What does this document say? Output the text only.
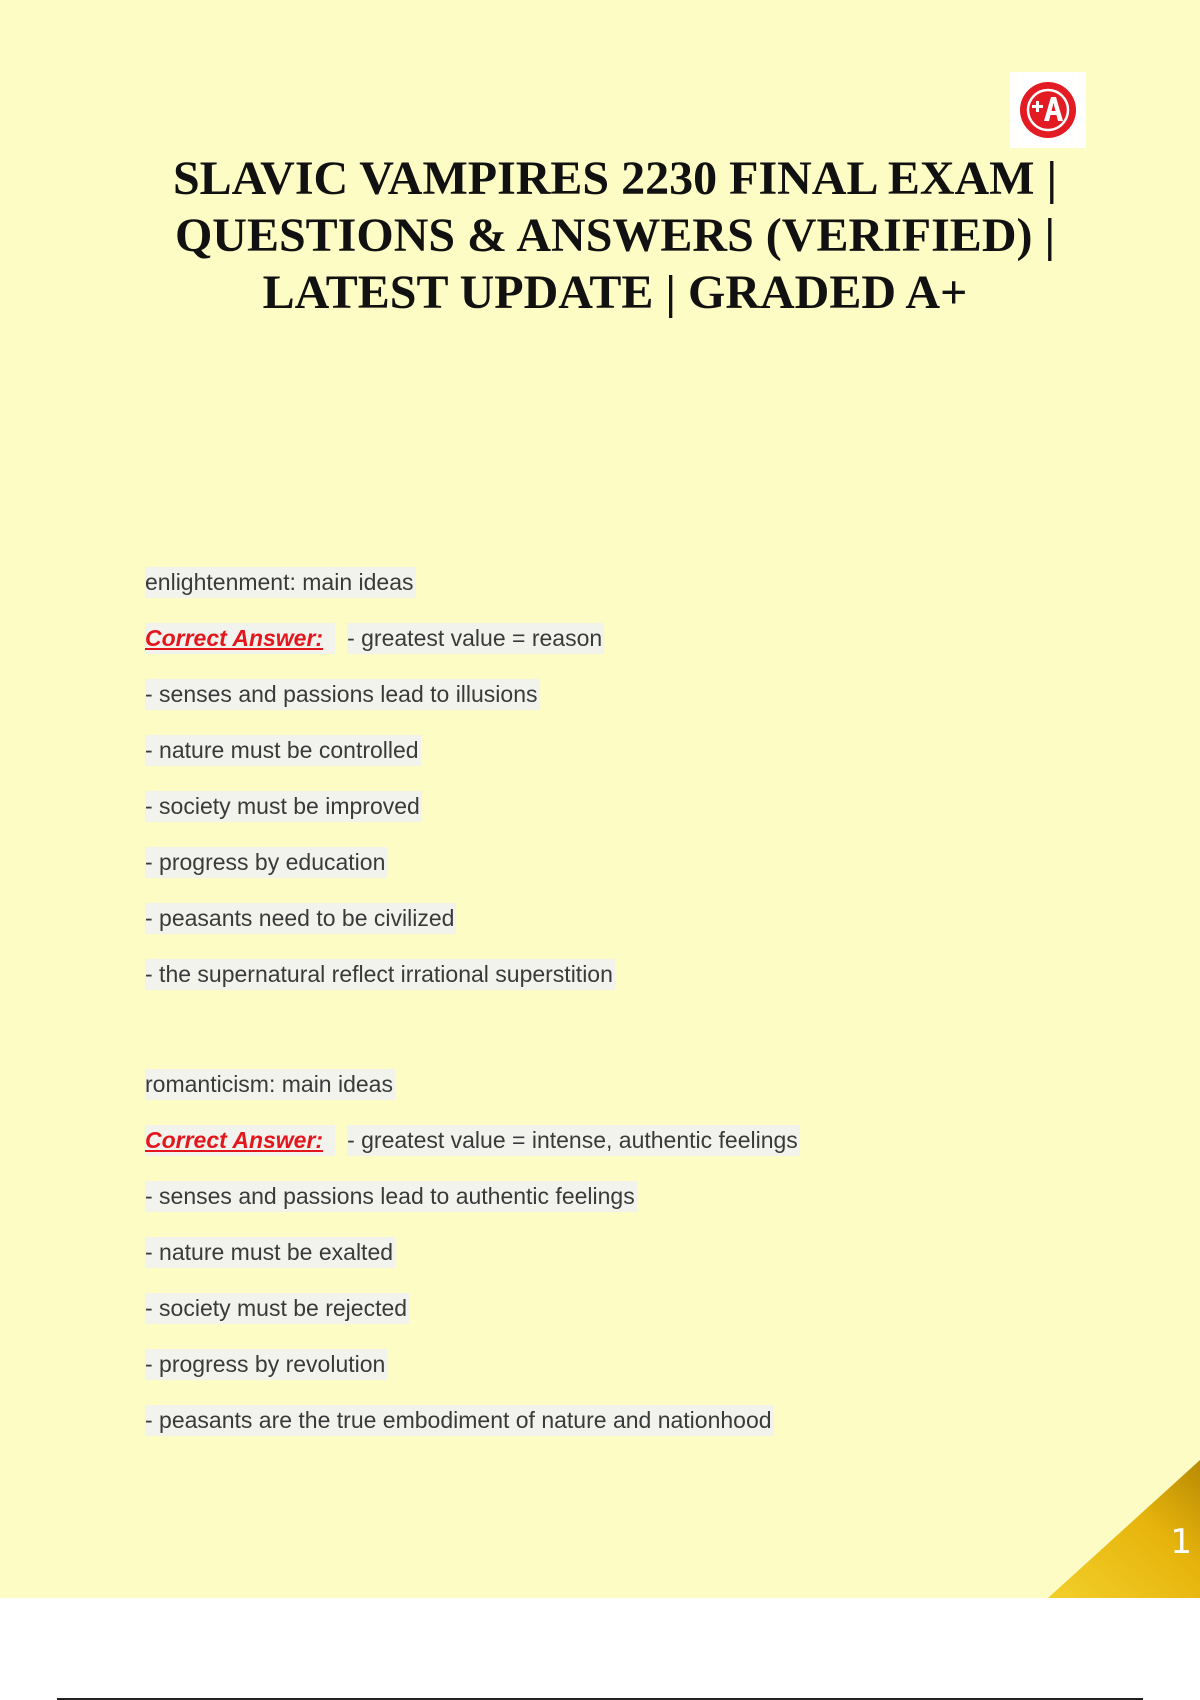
SLAVIC VAMPIRES 2230 FINAL EXAM |
QUESTIONS & ANSWERS (VERIFIED) |
LATEST UPDATE | GRADED A+
enlightenment: main ideas
Correct Answer: - greatest value = reason
- senses and passions lead to illusions
- nature must be controlled
- society must be improved
- progress by education
- peasants need to be civilized
- the supernatural reflect irrational superstition
romanticism: main ideas
Correct Answer: - greatest value = intense, authentic feelings
- senses and passions lead to authentic feelings
- nature must be exalted
- society must be rejected
- progress by revolution
- peasants are the true embodiment of nature and nationhood
1
